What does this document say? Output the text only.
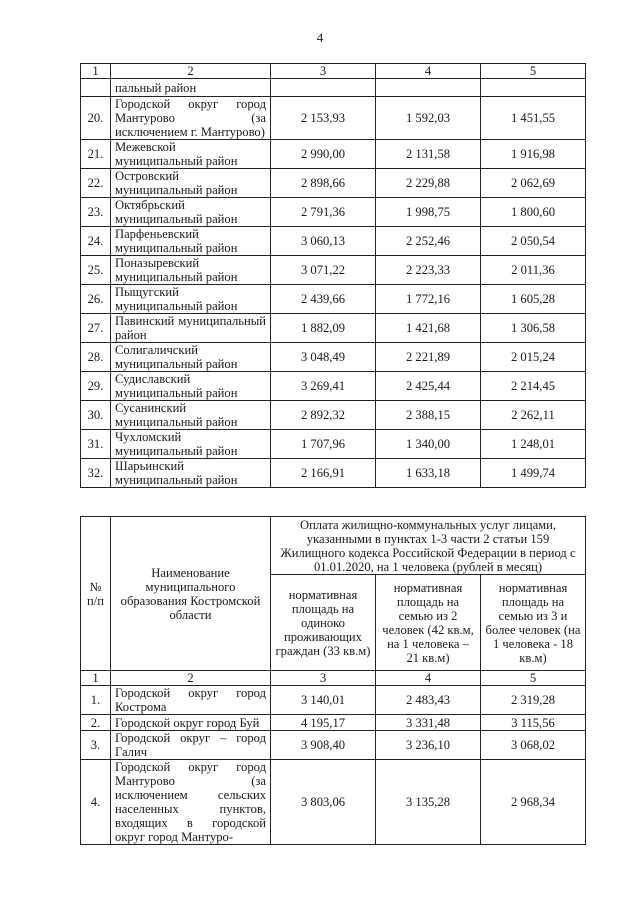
4
1	2	3	4	5
	пальный район			
20.	Городской округ город Мантурово (за исключением г. Мантурово)	2 153,93	1 592,03	1 451,55
21.	Межевской муниципальный район	2 990,00	2 131,58	1 916,98
22.	Островский муниципальный район	2 898,66	2 229,88	2 062,69
23.	Октябрьский муниципальный район	2 791,36	1 998,75	1 800,60
24.	Парфеньевский муниципальный район	3 060,13	2 252,46	2 050,54
25.	Поназыревский муниципальный район	3 071,22	2 223,33	2 011,36
26.	Пыщугский муниципальный район	2 439,66	1 772,16	1 605,28
27.	Павинский муниципальный район	1 882,09	1 421,68	1 306,58
28.	Солигаличский муниципальный район	3 048,49	2 221,89	2 015,24
29.	Судиславский муниципальный район	3 269,41	2 425,44	2 214,45
30.	Сусанинский муниципальный район	2 892,32	2 388,15	2 262,11
31.	Чухломский муниципальный район	1 707,96	1 340,00	1 248,01
32.	Шарьинский муниципальный район	2 166,91	1 633,18	1 499,74
№ п/п	Наименование муниципального образования Костромской области	Оплата жилищно-коммунальных услуг лицами, указанными в пунктах 1-3 части 2 статьи 159 Жилищного кодекса Российской Федерации в период с 01.01.2020, на 1 человека (рублей в месяц)		
		нормативная площадь на одиноко проживающих граждан (33 кв.м)	нормативная площадь на семью из 2 человек (42 кв.м, на 1 человека – 21 кв.м)	нормативная площадь на семью из 3 и более человек (на 1 человека - 18 кв.м)
1	2	3	4	5
1.	Городской округ город Кострома	3 140,01	2 483,43	2 319,28
2.	Городской округ город Буй	4 195,17	3 331,48	3 115,56
3.	Городской округ – город Галич	3 908,40	3 236,10	3 068,02
4.	Городской округ город Мантурово (за исключением сельских населенных пунктов, входящих в городской округ город Мантуро-	3 803,06	3 135,28	2 968,34
